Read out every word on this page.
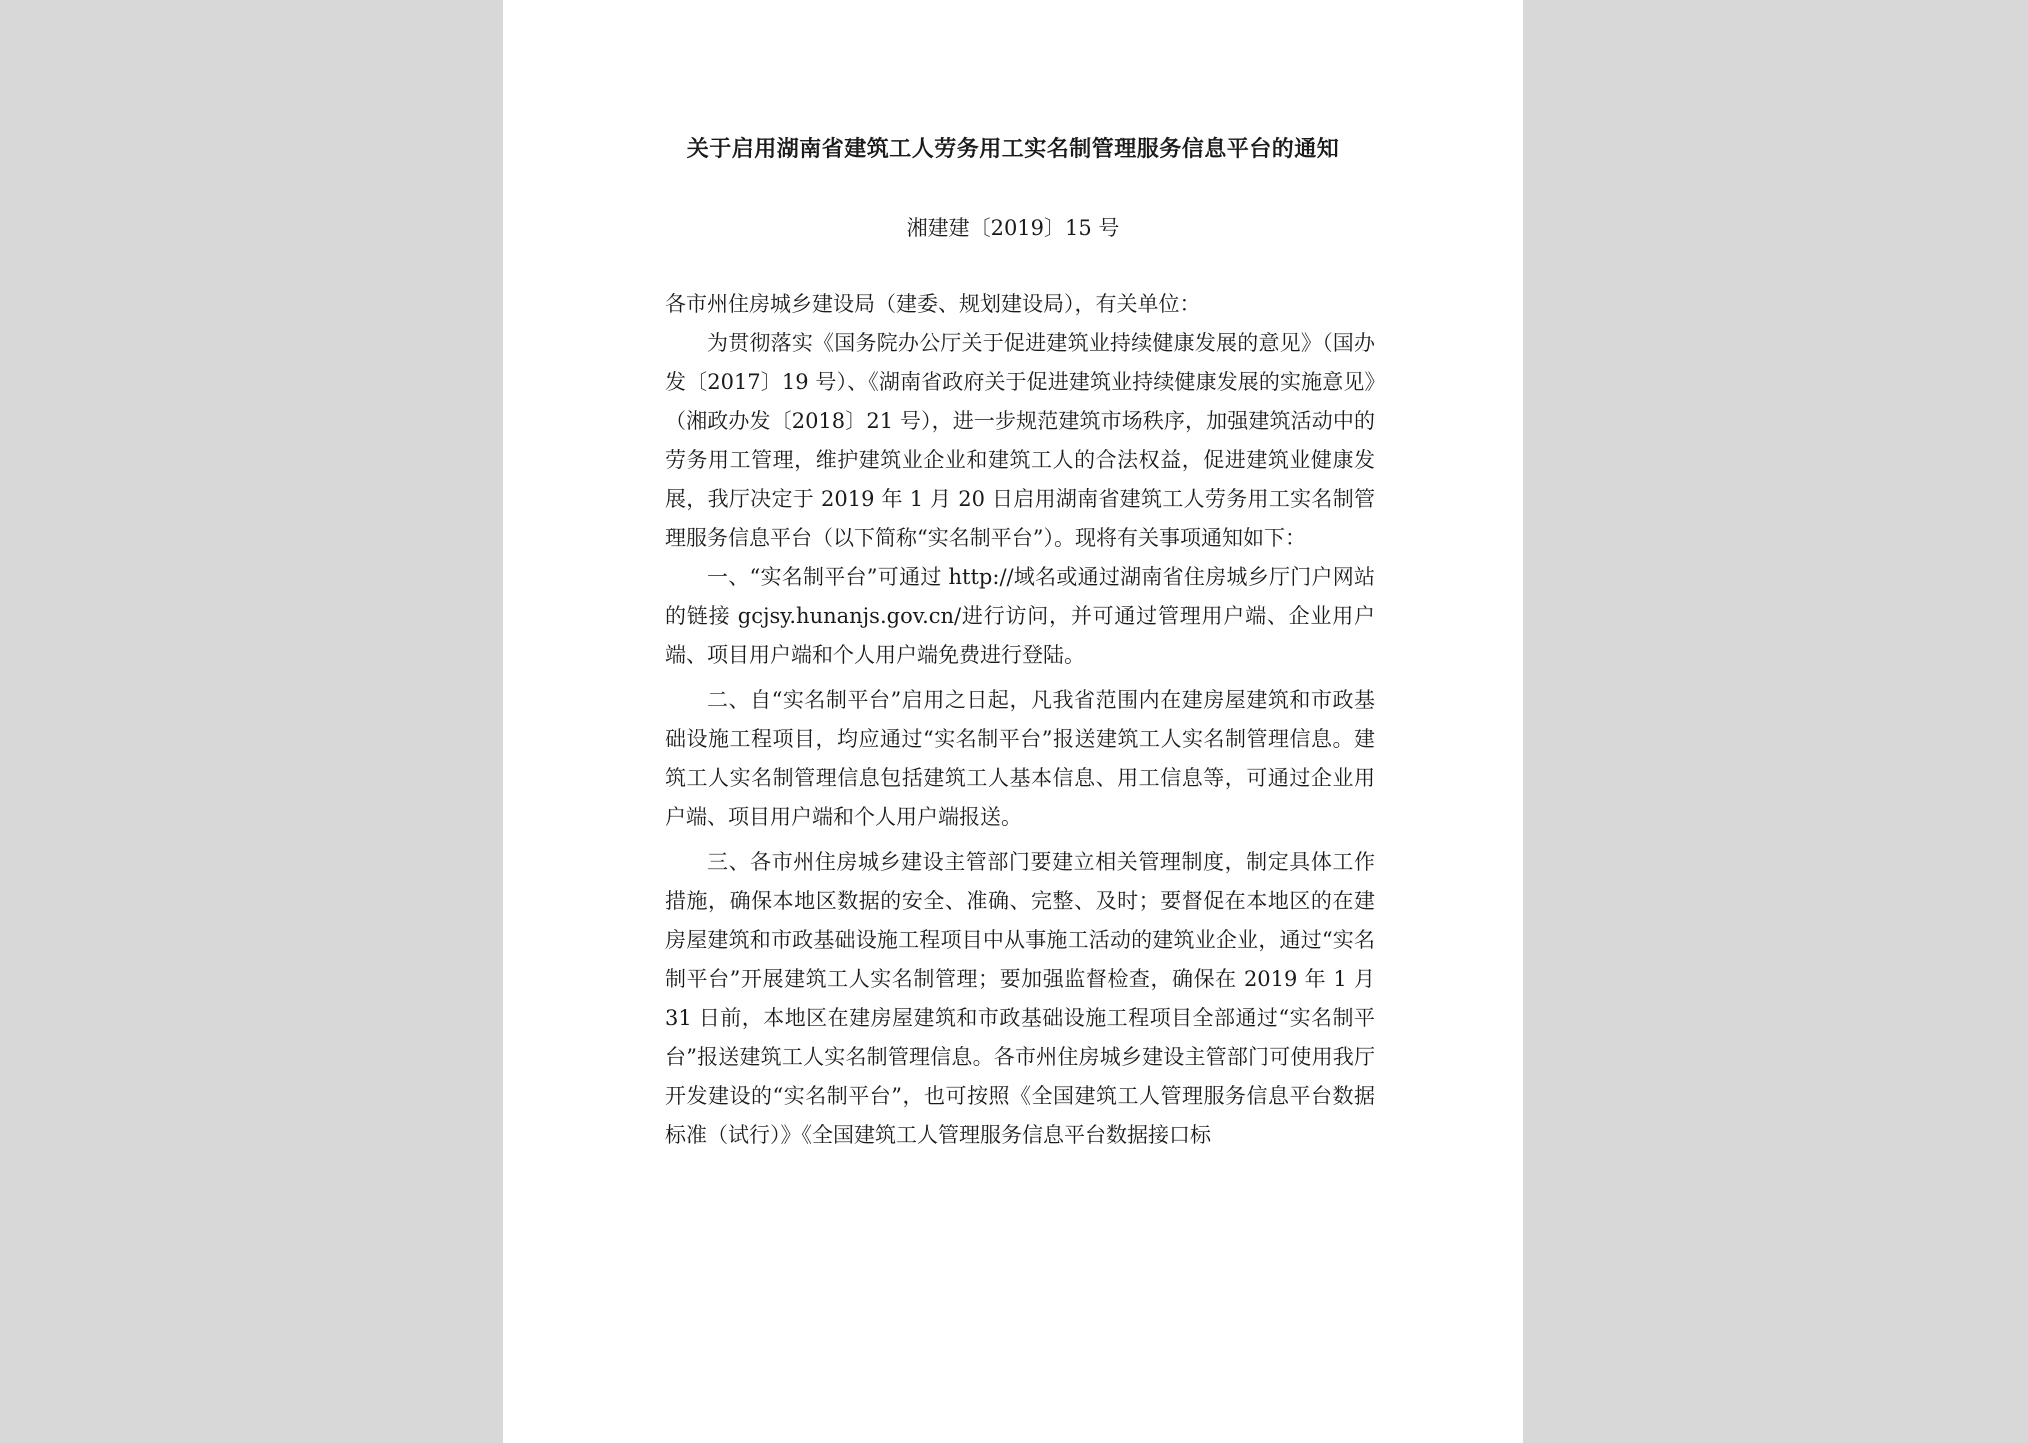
关于启用湖南省建筑工人劳务用工实名制管理服务信息平台的通知
湘建建〔2019〕15 号

各市州住房城乡建设局（建委、规划建设局），有关单位：

为贯彻落实《国务院办公厅关于促进建筑业持续健康发展的意见》（国办发〔2017〕19 号）、《湖南省政府关于促进建筑业持续健康发展的实施意见》（湘政办发〔2018〕21 号），进一步规范建筑市场秩序，加强建筑活动中的劳务用工管理，维护建筑业企业和建筑工人的合法权益，促进建筑业健康发展，我厅决定于 2019 年 1 月 20 日启用湖南省建筑工人劳务用工实名制管理服务信息平台（以下简称“实名制平台”）。现将有关事项通知如下：

一、“实名制平台”可通过 http://域名或通过湖南省住房城乡厅门户网站的链接 gcjsy.hunanjs.gov.cn/进行访问，并可通过管理用户端、企业用户端、项目用户端和个人用户端免费进行登陆。

二、自“实名制平台”启用之日起，凡我省范围内在建房屋建筑和市政基础设施工程项目，均应通过“实名制平台”报送建筑工人实名制管理信息。建筑工人实名制管理信息包括建筑工人基本信息、用工信息等，可通过企业用户端、项目用户端和个人用户端报送。

三、各市州住房城乡建设主管部门要建立相关管理制度，制定具体工作措施，确保本地区数据的安全、准确、完整、及时；要督促在本地区的在建房屋建筑和市政基础设施工程项目中从事施工活动的建筑业企业，通过“实名制平台”开展建筑工人实名制管理；要加强监督检查，确保在 2019 年 1 月 31 日前，本地区在建房屋建筑和市政基础设施工程项目全部通过“实名制平台”报送建筑工人实名制管理信息。各市州住房城乡建设主管部门可使用我厅开发建设的“实名制平台”，也可按照《全国建筑工人管理服务信息平台数据标准（试行）》《全国建筑工人管理服务信息平台数据接口标
